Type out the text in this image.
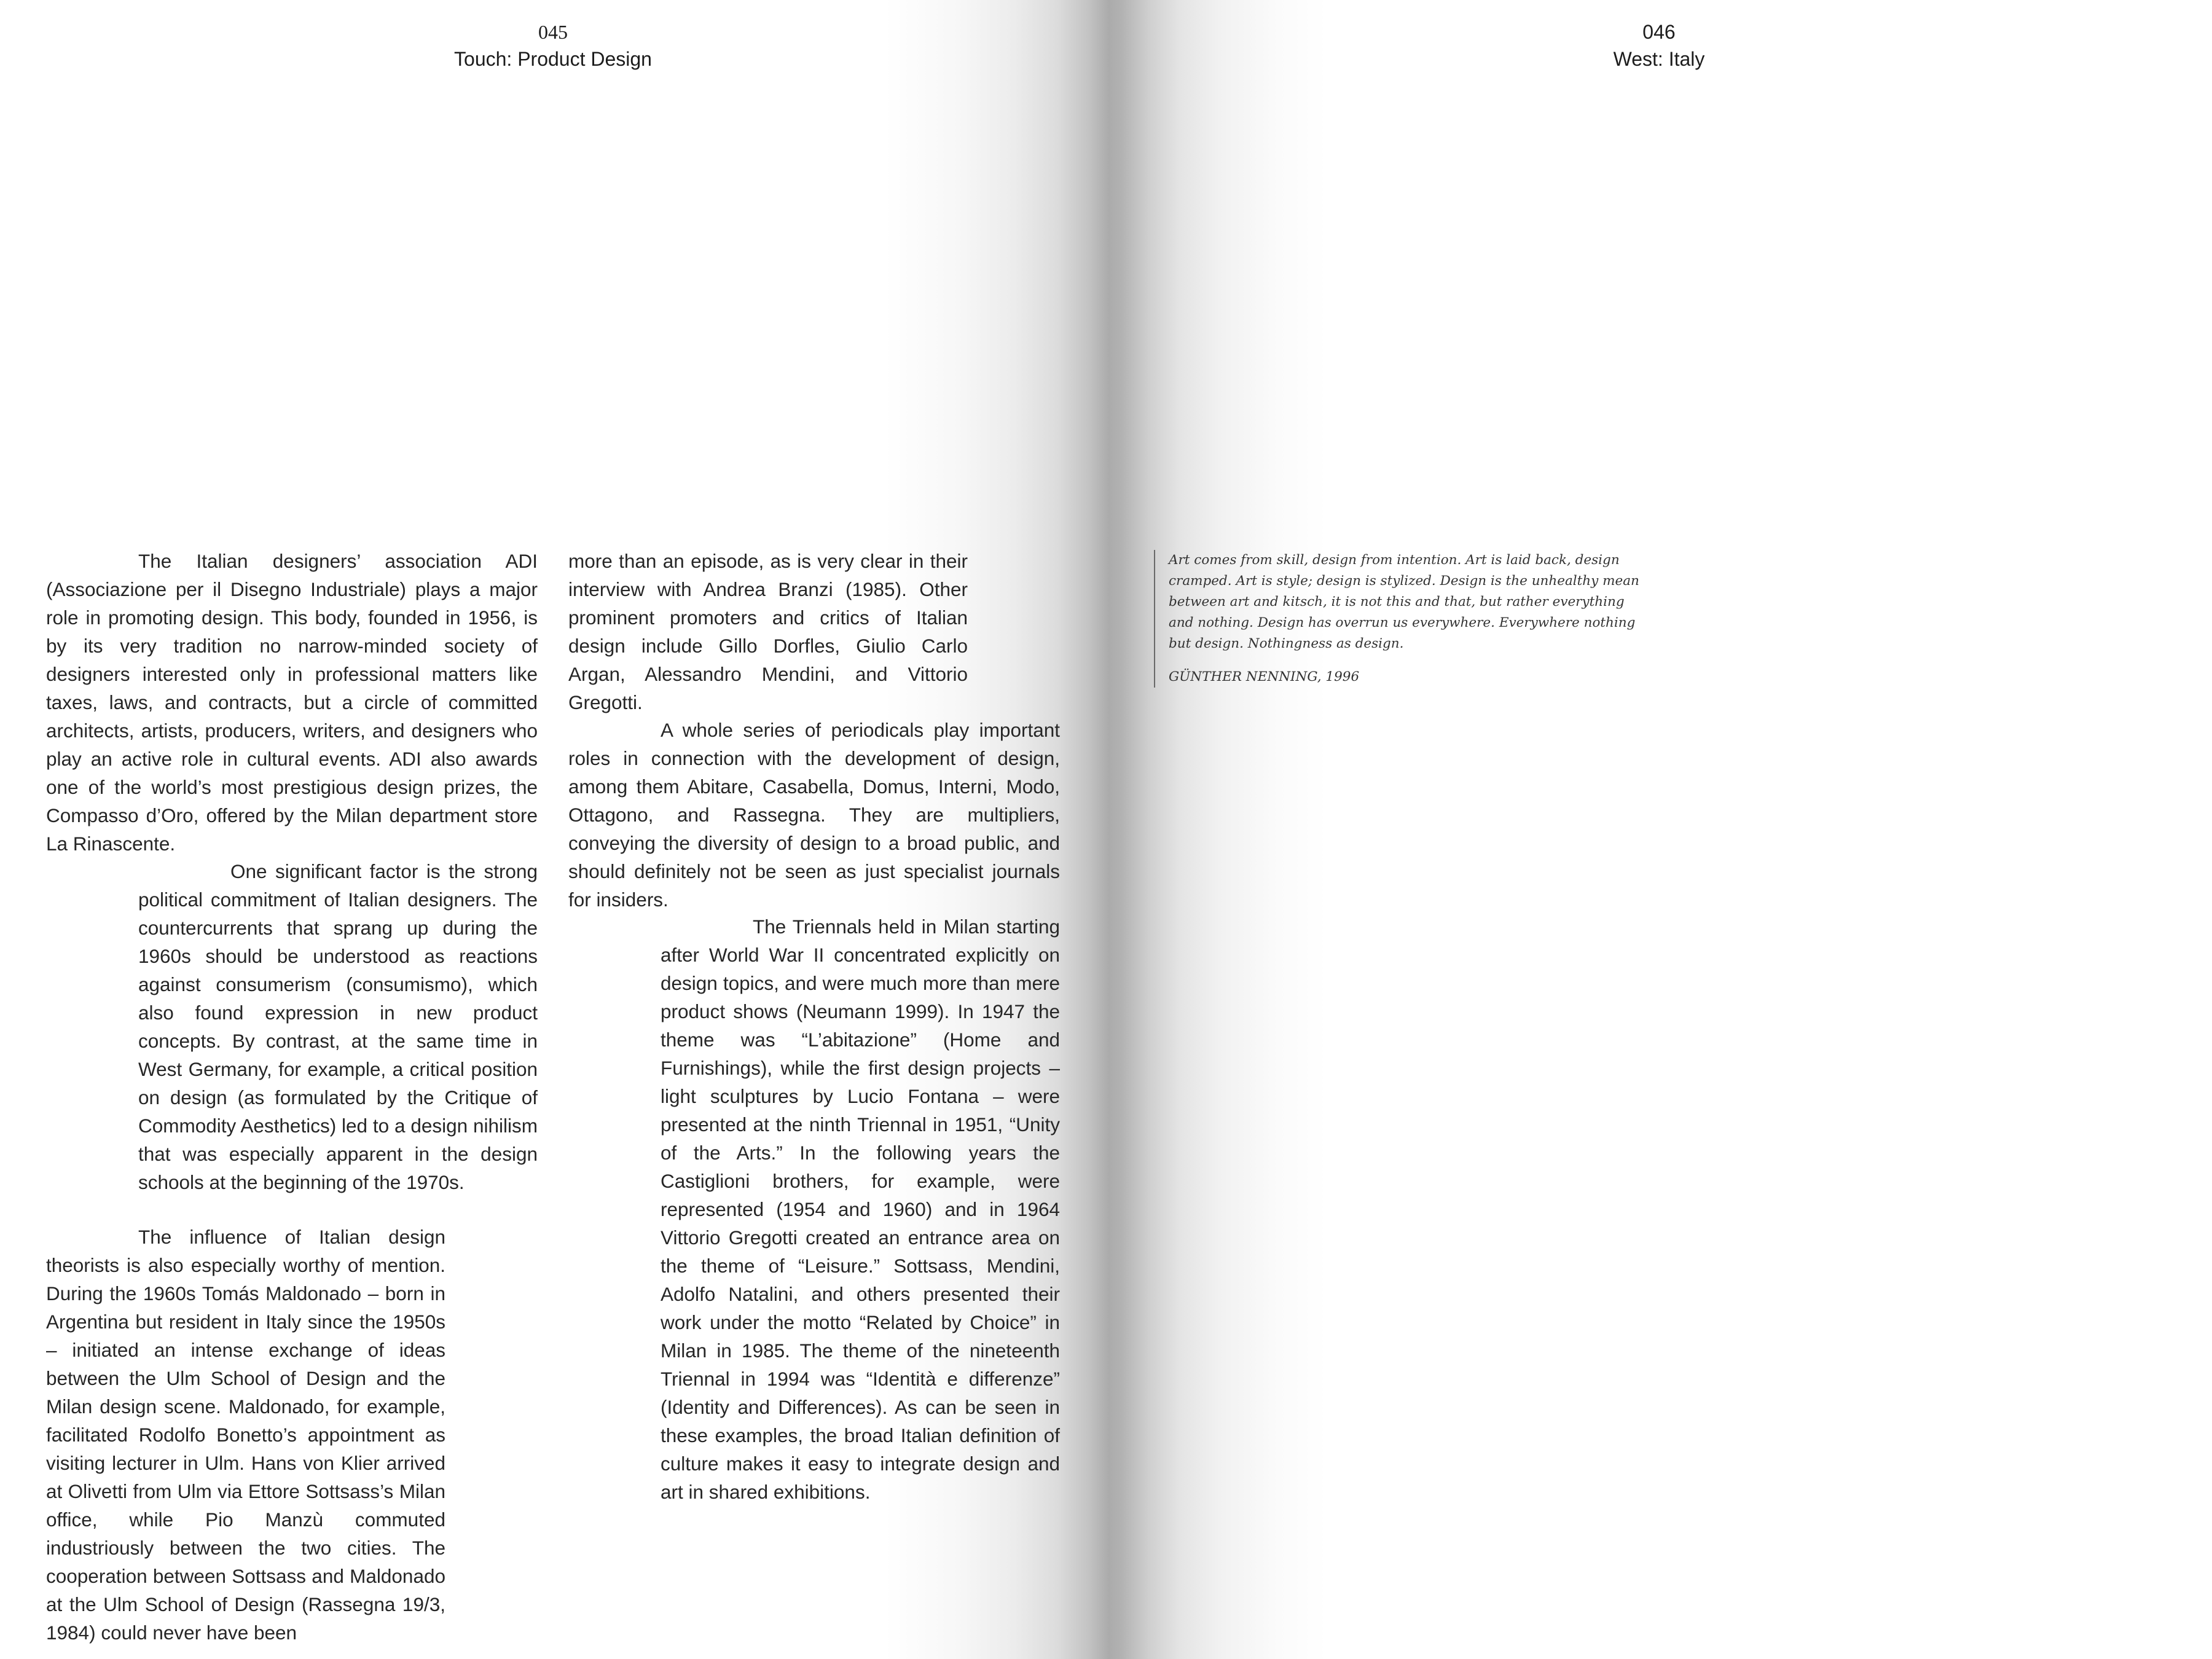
045
Touch: Product Design

The Italian designers’ association ADI (Associazione per il Disegno Industriale) plays a major role in promoting design. This body, founded in 1956, is by its very tradition no narrow-minded society of designers interested only in professional matters like taxes, laws, and contracts, but a circle of committed architects, artists, producers, writers, and designers who play an active role in cultural events. ADI also awards one of the world’s most prestigious design prizes, the Compasso d’Oro, offered by the Milan department store La Rinascente.

One significant factor is the strong political commitment of Italian designers. The countercurrents that sprang up during the 1960s should be understood as reactions against consumerism (consumismo), which also found expression in new product concepts. By contrast, at the same time in West Germany, for example, a critical position on design (as formulated by the Critique of Commodity Aesthetics) led to a design nihilism that was especially apparent in the design schools at the beginning of the 1970s.

The influence of Italian design theorists is also especially worthy of mention. During the 1960s Tomás Maldonado – born in Argentina but resident in Italy since the 1950s – initiated an intense exchange of ideas between the Ulm School of Design and the Milan design scene. Maldonado, for example, facilitated Rodolfo Bonetto’s appointment as visiting lecturer in Ulm. Hans von Klier arrived at Olivetti from Ulm via Ettore Sottsass’s Milan office, while Pio Manzù commuted industriously between the two cities. The cooperation between Sottsass and Maldonado at the Ulm School of Design (Rassegna 19/3, 1984) could never have been

more than an episode, as is very clear in their interview with Andrea Branzi (1985). Other prominent promoters and critics of Italian design include Gillo Dorfles, Giulio Carlo Argan, Alessandro Mendini, and Vittorio Gregotti.

A whole series of periodicals play important roles in connection with the development of design, among them Abitare, Casabella, Domus, Interni, Modo, Ottagono, and Rassegna. They are multipliers, conveying the diversity of design to a broad public, and should definitely not be seen as just specialist journals for insiders.

The Triennals held in Milan starting after World War II concentrated explicitly on design topics, and were much more than mere product shows (Neumann 1999). In 1947 the theme was “L’abitazione” (Home and Furnishings), while the first design projects – light sculptures by Lucio Fontana – were presented at the ninth Triennal in 1951, “Unity of the Arts.” In the following years the Castiglioni brothers, for example, were represented (1954 and 1960) and in 1964 Vittorio Gregotti created an entrance area on the theme of “Leisure.” Sottsass, Mendini, Adolfo Natalini, and others presented their work under the motto “Related by Choice” in Milan in 1985. The theme of the nineteenth Triennal in 1994 was “Identità e differenze” (Identity and Differences). As can be seen in these examples, the broad Italian definition of culture makes it easy to integrate design and art in shared exhibitions.

046
West: Italy

Art comes from skill, design from intention. Art is laid back, design cramped. Art is style; design is stylized. Design is the unhealthy mean between art and kitsch, it is not this and that, but rather everything and nothing. Design has overrun us everywhere. Everywhere nothing but design. Nothingness as design.

GÜNTHER NENNING, 1996
